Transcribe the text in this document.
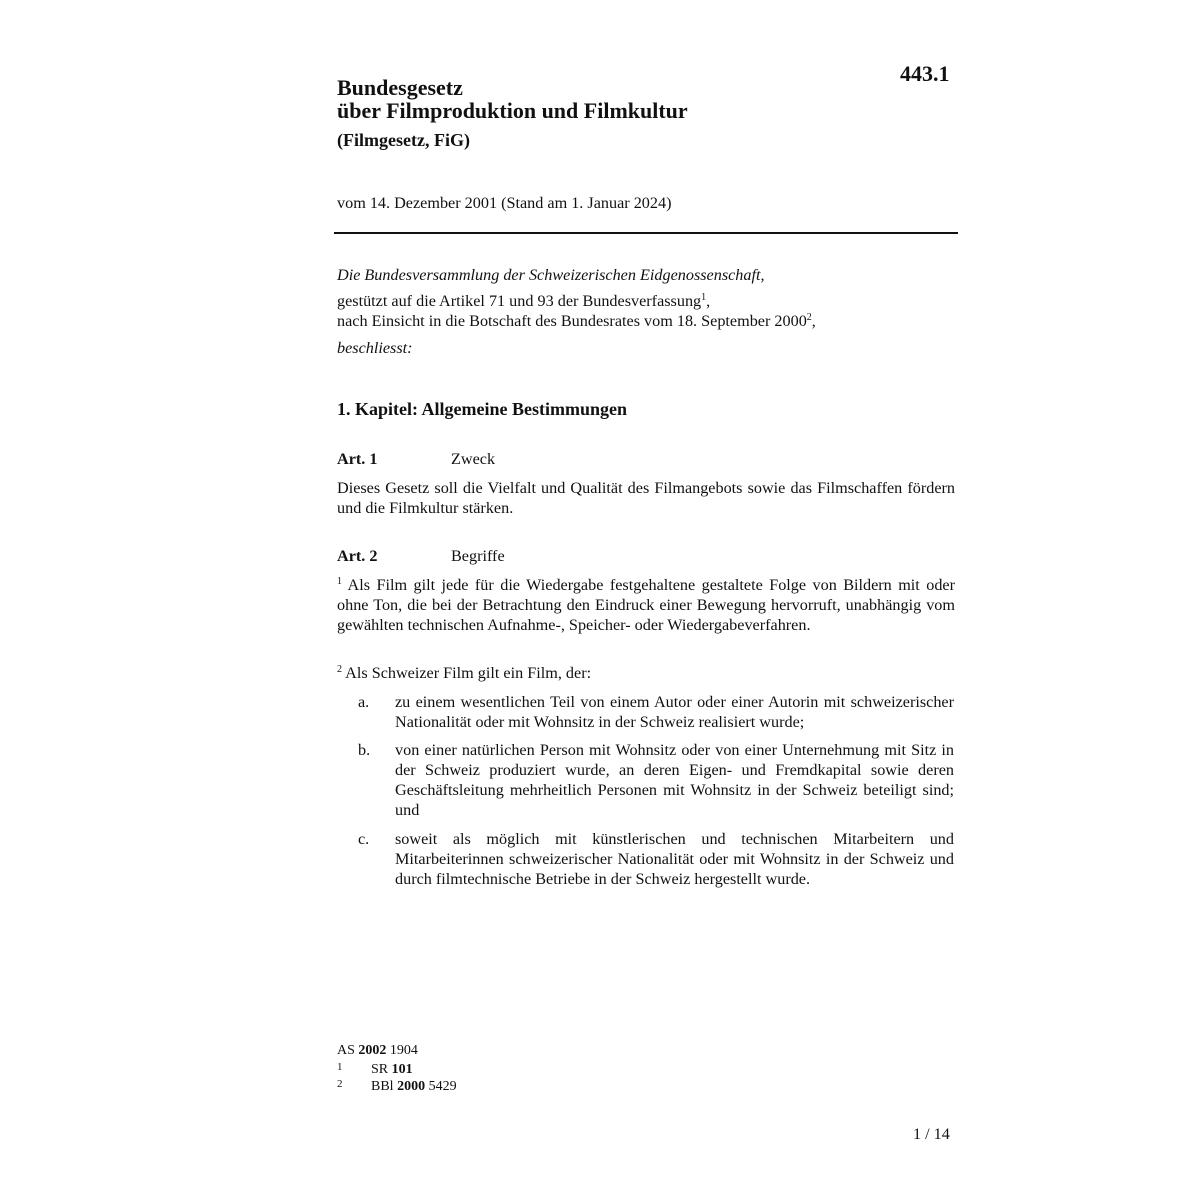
443.1
Bundesgesetz
über Filmproduktion und Filmkultur
(Filmgesetz, FiG)
vom 14. Dezember 2001 (Stand am 1. Januar 2024)
Die Bundesversammlung der Schweizerischen Eidgenossenschaft,
gestützt auf die Artikel 71 und 93 der Bundesverfassung$^1$,
nach Einsicht in die Botschaft des Bundesrates vom 18. September 2000$^2$,
beschliesst:
1. Kapitel: Allgemeine Bestimmungen
Art. 1	Zweck
Dieses Gesetz soll die Vielfalt und Qualität des Filmangebots sowie das Filmschaffen fördern und die Filmkultur stärken.
Art. 2	Begriffe
$^1$ Als Film gilt jede für die Wiedergabe festgehaltene gestaltete Folge von Bildern mit oder ohne Ton, die bei der Betrachtung den Eindruck einer Bewegung hervorruft, unabhängig vom gewählten technischen Aufnahme-, Speicher- oder Wiedergabeverfahren.
$^2$ Als Schweizer Film gilt ein Film, der:
a. zu einem wesentlichen Teil von einem Autor oder einer Autorin mit schweizerischer Nationalität oder mit Wohnsitz in der Schweiz realisiert wurde;
b. von einer natürlichen Person mit Wohnsitz oder von einer Unternehmung mit Sitz in der Schweiz produziert wurde, an deren Eigen- und Fremdkapital sowie deren Geschäftsleitung mehrheitlich Personen mit Wohnsitz in der Schweiz beteiligt sind; und
c. soweit als möglich mit künstlerischen und technischen Mitarbeitern und Mitarbeiterinnen schweizerischer Nationalität oder mit Wohnsitz in der Schweiz und durch filmtechnische Betriebe in der Schweiz hergestellt wurde.
AS 2002 1904
1 SR 101
2 BBl 2000 5429
1 / 14
